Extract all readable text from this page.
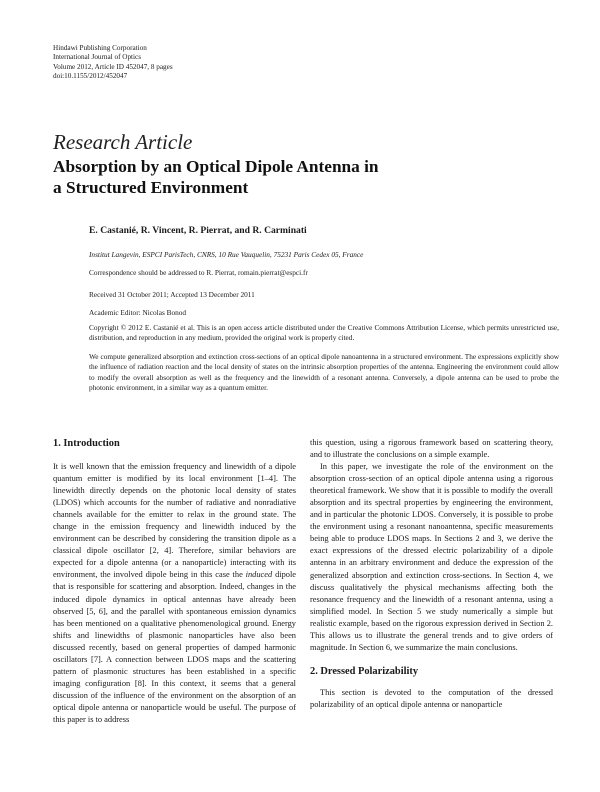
Hindawi Publishing Corporation
International Journal of Optics
Volume 2012, Article ID 452047, 8 pages
doi:10.1155/2012/452047
Research Article
Absorption by an Optical Dipole Antenna in
a Structured Environment
E. Castanié, R. Vincent, R. Pierrat, and R. Carminati
Institut Langevin, ESPCI ParisTech, CNRS, 10 Rue Vauquelin, 75231 Paris Cedex 05, France
Correspondence should be addressed to R. Pierrat, romain.pierrat@espci.fr
Received 31 October 2011; Accepted 13 December 2011
Academic Editor: Nicolas Bonod
Copyright © 2012 E. Castanié et al. This is an open access article distributed under the Creative Commons Attribution License, which permits unrestricted use, distribution, and reproduction in any medium, provided the original work is properly cited.
We compute generalized absorption and extinction cross-sections of an optical dipole nanoantenna in a structured environment. The expressions explicitly show the influence of radiation reaction and the local density of states on the intrinsic absorption properties of the antenna. Engineering the environment could allow to modify the overall absorption as well as the frequency and the linewidth of a resonant antenna. Conversely, a dipole antenna can be used to probe the photonic environment, in a similar way as a quantum emitter.
1. Introduction

It is well known that the emission frequency and linewidth of a dipole quantum emitter is modified by its local environment [1–4]. The linewidth directly depends on the photonic local density of states (LDOS) which accounts for the number of radiative and nonradiative channels available for the emitter to relax in the ground state. The change in the emission frequency and linewidth induced by the environment can be described by considering the transition dipole as a classical dipole oscillator [2, 4]. Therefore, similar behaviors are expected for a dipole antenna (or a nanoparticle) interacting with its environment, the involved dipole being in this case the induced dipole that is responsible for scattering and absorption. Indeed, changes in the induced dipole dynamics in optical antennas have already been observed [5, 6], and the parallel with spontaneous emission dynamics has been mentioned on a qualitative phenomenological ground. Energy shifts and linewidths of plasmonic nanoparticles have also been discussed recently, based on general properties of damped harmonic oscillators [7]. A connection between LDOS maps and the scattering pattern of plasmonic structures has been established in a specific imaging configuration [8]. In this context, it seems that a general discussion of the influence of the environment on the absorption of an optical dipole antenna or nanoparticle would be useful. The purpose of this paper is to address

this question, using a rigorous framework based on scattering theory, and to illustrate the conclusions on a simple example.

In this paper, we investigate the role of the environment on the absorption cross-section of an optical dipole antenna using a rigorous theoretical framework. We show that it is possible to modify the overall absorption and its spectral properties by engineering the environment, and in particular the photonic LDOS. Conversely, it is possible to probe the environment using a resonant nanoantenna, specific measurements being able to produce LDOS maps. In Sections 2 and 3, we derive the exact expressions of the dressed electric polarizability of a dipole antenna in an arbitrary environment and deduce the expression of the generalized absorption and extinction cross-sections. In Section 4, we discuss qualitatively the physical mechanisms affecting both the resonance frequency and the linewidth of a resonant antenna, using a simplified model. In Section 5 we study numerically a simple but realistic example, based on the rigorous expression derived in Section 2. This allows us to illustrate the general trends and to give orders of magnitude. In Section 6, we summarize the main conclusions.

2. Dressed Polarizability

This section is devoted to the computation of the dressed polarizability of an optical dipole antenna or nanoparticle
